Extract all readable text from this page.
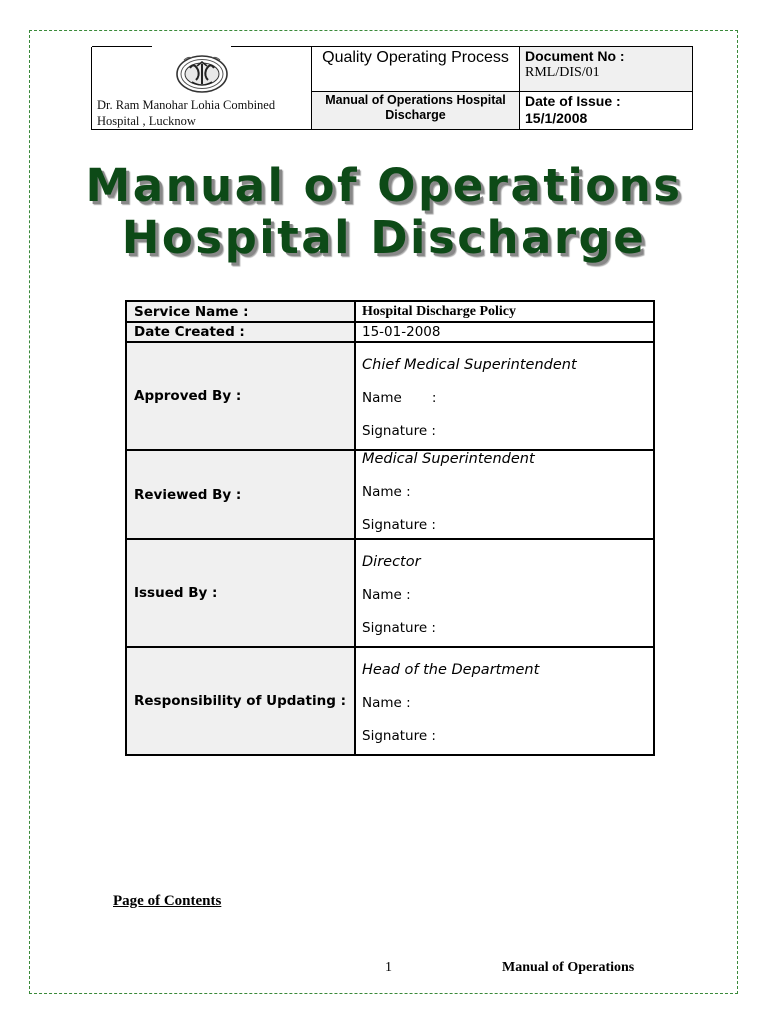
Dr. Ram Manohar Lohia Combined Hospital , Lucknow	Quality Operating Process	Document No :
RML/DIS/01

	Manual of Operations Hospital Discharge	Date of Issue :
15/1/2008
Manual of Operations
Hospital Discharge
Service Name :	Hospital Discharge Policy
Date Created :	15-01-2008
Approved By :	Chief Medical Superintendent
Name       :
Signature :

Reviewed By :	Medical Superintendent
Name :
Signature :

Issued By :	Director
Name :
Signature :

Responsibility of Updating :	Head of the Department
Name :
Signature :
Page of Contents
1	Manual of Operations
